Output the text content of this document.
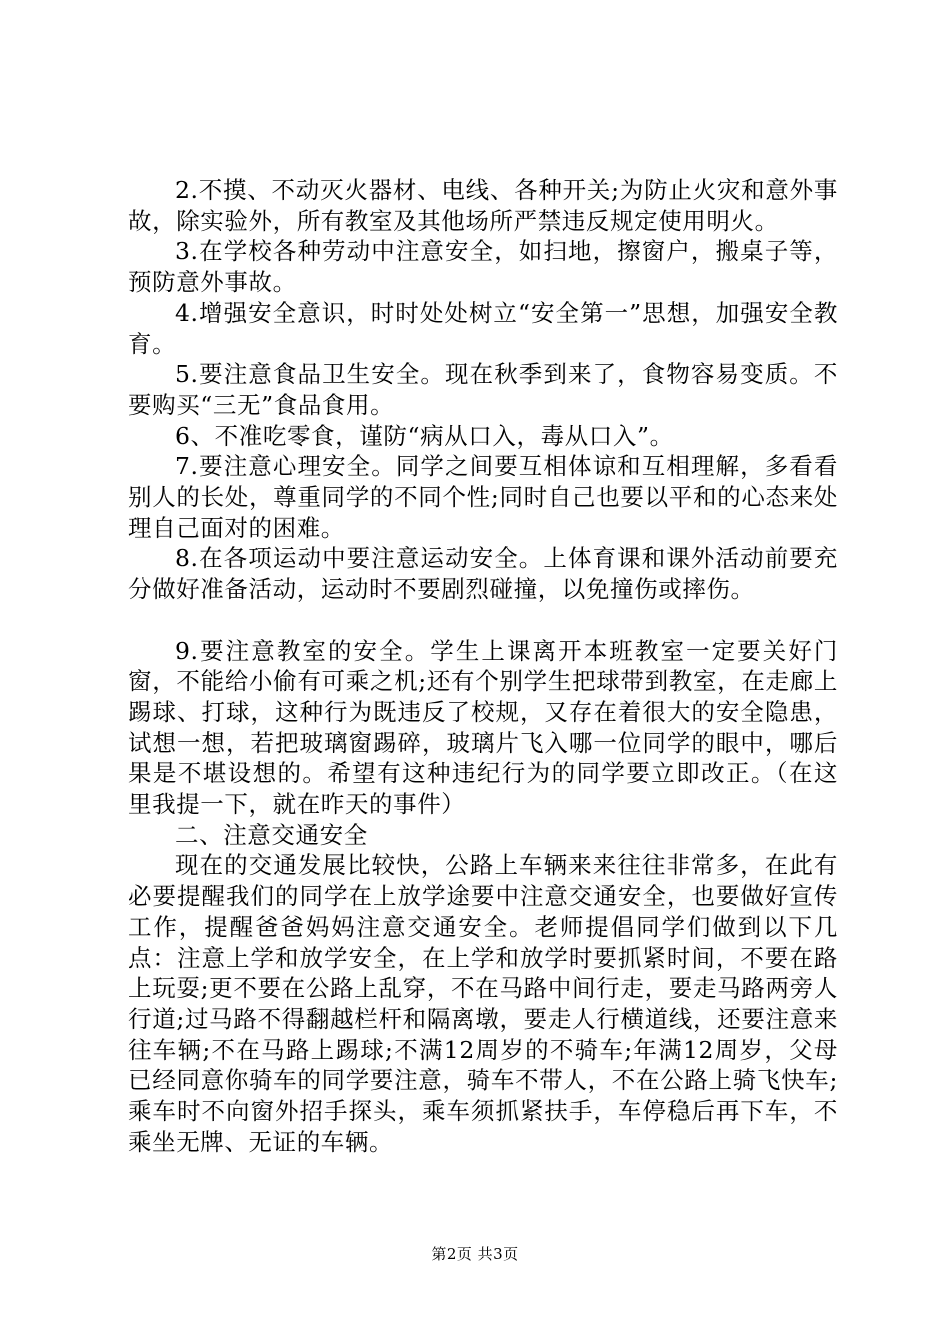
2.不摸、不动灭火器材、电线、各种开关;为防止火灾和意外事故，除实验外，所有教室及其他场所严禁违反规定使用明火。

3.在学校各种劳动中注意安全，如扫地，擦窗户，搬桌子等，预防意外事故。

4.增强安全意识，时时处处树立“安全第一”思想，加强安全教育。

5.要注意食品卫生安全。现在秋季到来了，食物容易变质。不要购买“三无”食品食用。

6、不准吃零食，谨防“病从口入，毒从口入”。

7.要注意心理安全。同学之间要互相体谅和互相理解，多看看别人的长处，尊重同学的不同个性;同时自己也要以平和的心态来处理自己面对的困难。

8.在各项运动中要注意运动安全。上体育课和课外活动前要充分做好准备活动，运动时不要剧烈碰撞，以免撞伤或摔伤。

9.要注意教室的安全。学生上课离开本班教室一定要关好门窗，不能给小偷有可乘之机;还有个别学生把球带到教室，在走廊上踢球、打球，这种行为既违反了校规，又存在着很大的安全隐患，试想一想，若把玻璃窗踢碎，玻璃片飞入哪一位同学的眼中，哪后果是不堪设想的。希望有这种违纪行为的同学要立即改正。（在这里我提一下，就在昨天的事件）

二、注意交通安全

现在的交通发展比较快，公路上车辆来来往往非常多，在此有必要提醒我们的同学在上放学途要中注意交通安全，也要做好宣传工作，提醒爸爸妈妈注意交通安全。老师提倡同学们做到以下几点：注意上学和放学安全，在上学和放学时要抓紧时间，不要在路上玩耍;更不要在公路上乱穿，不在马路中间行走，要走马路两旁人行道;过马路不得翻越栏杆和隔离墩，要走人行横道线，还要注意来往车辆;不在马路上踢球;不满12周岁的不骑车;年满12周岁，父母已经同意你骑车的同学要注意，骑车不带人，不在公路上骑飞快车;乘车时不向窗外招手探头，乘车须抓紧扶手，车停稳后再下车，不乘坐无牌、无证的车辆。

第2页 共3页
